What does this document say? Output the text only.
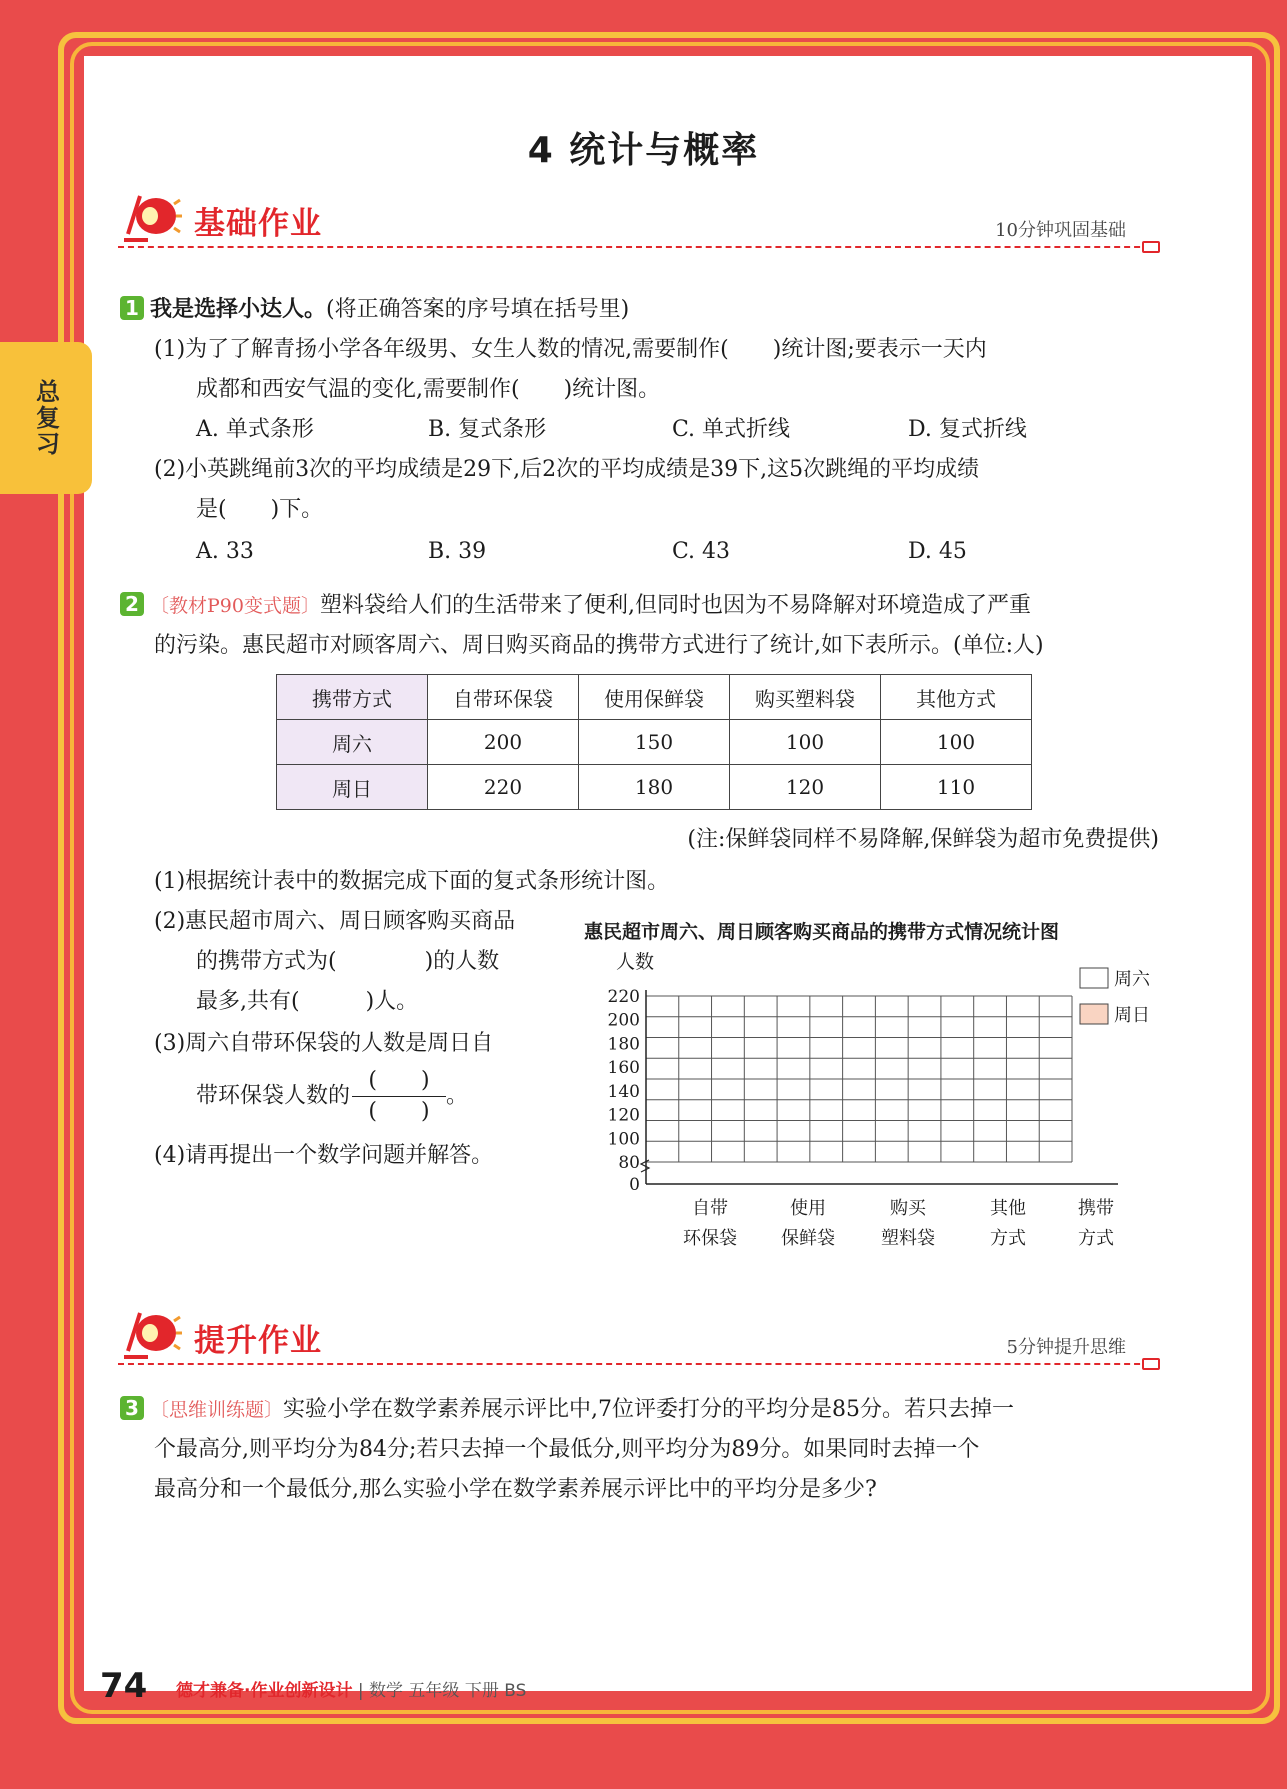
总复习
4 统计与概率
基础作业	10分钟巩固基础
1 我是选择小达人。(将正确答案的序号填在括号里)
(1)为了了解青扬小学各年级男、女生人数的情况,需要制作(　　)统计图;要表示一天内
成都和西安气温的变化,需要制作(　　)统计图。
A. 单式条形	B. 复式条形	C. 单式折线	D. 复式折线
(2)小英跳绳前3次的平均成绩是29下,后2次的平均成绩是39下,这5次跳绳的平均成绩
是(　　)下。
A. 33	B. 39	C. 43	D. 45
2 〔教材P90变式题〕塑料袋给人们的生活带来了便利,但同时也因为不易降解对环境造成了严重
的污染。惠民超市对顾客周六、周日购买商品的携带方式进行了统计,如下表所示。(单位:人)
携带方式	自带环保袋	使用保鲜袋	购买塑料袋	其他方式
周六	200	150	100	100
周日	220	180	120	110
(注:保鲜袋同样不易降解,保鲜袋为超市免费提供)
(1)根据统计表中的数据完成下面的复式条形统计图。
(2)惠民超市周六、周日顾客购买商品
的携带方式为(　　　　)的人数
最多,共有(　　　)人。
(3)周六自带环保袋的人数是周日自
带环保袋人数的$\frac{( )}{( )}$。
(4)请再提出一个数学问题并解答。
惠民超市周六、周日顾客购买商品的携带方式情况统计图
人数
0
80
100
120
140
160
180
200
220
自带
环保袋
使用
保鲜袋
购买
塑料袋
其他
方式
携带
方式
周六
周日
提升作业	5分钟提升思维
3 〔思维训练题〕实验小学在数学素养展示评比中,7位评委打分的平均分是85分。若只去掉一
个最高分,则平均分为84分;若只去掉一个最低分,则平均分为89分。如果同时去掉一个
最高分和一个最低分,那么实验小学在数学素养展示评比中的平均分是多少?
74 德才兼备·作业创新设计 | 数学 五年级 下册 BS
